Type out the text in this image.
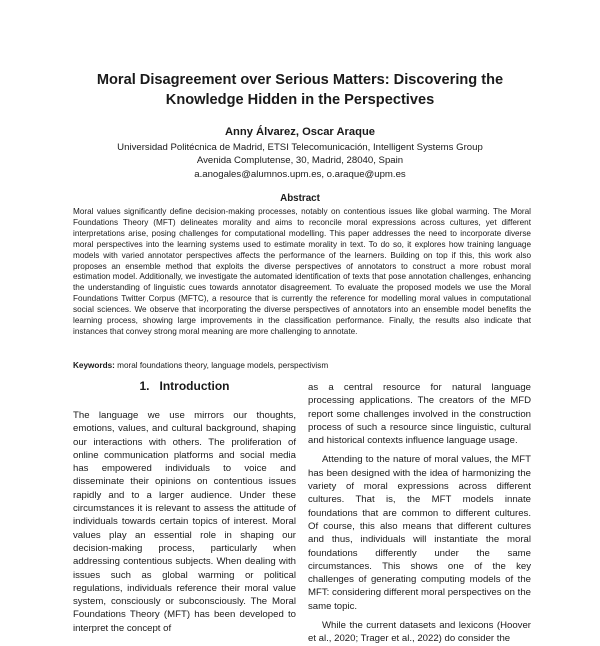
Moral Disagreement over Serious Matters: Discovering the
Knowledge Hidden in the Perspectives
Anny Álvarez, Oscar Araque
Universidad Politécnica de Madrid, ETSI Telecomunicación, Intelligent Systems Group
Avenida Complutense, 30, Madrid, 28040, Spain
a.anogales@alumnos.upm.es, o.araque@upm.es
Abstract
Moral values significantly define decision-making processes, notably on contentious issues like global warming. The Moral Foundations Theory (MFT) delineates morality and aims to reconcile moral expressions across cultures, yet different interpretations arise, posing challenges for computational modelling. This paper addresses the need to incorporate diverse moral perspectives into the learning systems used to estimate morality in text. To do so, it explores how training language models with varied annotator perspectives affects the performance of the learners. Building on top if this, this work also proposes an ensemble method that exploits the diverse perspectives of annotators to construct a more robust moral estimation model. Additionally, we investigate the automated identification of texts that pose annotation challenges, enhancing the understanding of linguistic cues towards annotator disagreement. To evaluate the proposed models we use the Moral Foundations Twitter Corpus (MFTC), a resource that is currently the reference for modelling moral values in computational social sciences. We observe that incorporating the diverse perspectives of annotators into an ensemble model benefits the learning process, showing large improvements in the classification performance. Finally, the results also indicate that instances that convey strong moral meaning are more challenging to annotate.
Keywords: moral foundations theory, language models, perspectivism
1. Introduction

The language we use mirrors our thoughts, emotions, values, and cultural background, shaping our interactions with others. The proliferation of online communication platforms and social media has empowered individuals to voice and disseminate their opinions on contentious issues rapidly and to a larger audience. Under these circumstances it is relevant to assess the attitude of individuals towards certain topics of interest. Moral values play an essential role in shaping our decision-making process, particularly when addressing contentious subjects. When dealing with issues such as global warming or political regulations, individuals reference their moral value system, consciously or subconsciously. The Moral Foundations Theory (MFT) has been developed to interpret the concept of

as a central resource for natural language processing applications. The creators of the MFD report some challenges involved in the construction process of such a resource since linguistic, cultural and historical contexts influence language usage.

Attending to the nature of moral values, the MFT has been designed with the idea of harmonizing the variety of moral expressions across different cultures. That is, the MFT models innate foundations that are common to different cultures. Of course, this also means that different cultures and thus, individuals will instantiate the moral foundations differently under the same circumstances. This shows one of the key challenges of generating computing models of the MFT: considering different moral perspectives on the same topic.

While the current datasets and lexicons (Hoover et al., 2020; Trager et al., 2022) do consider the
